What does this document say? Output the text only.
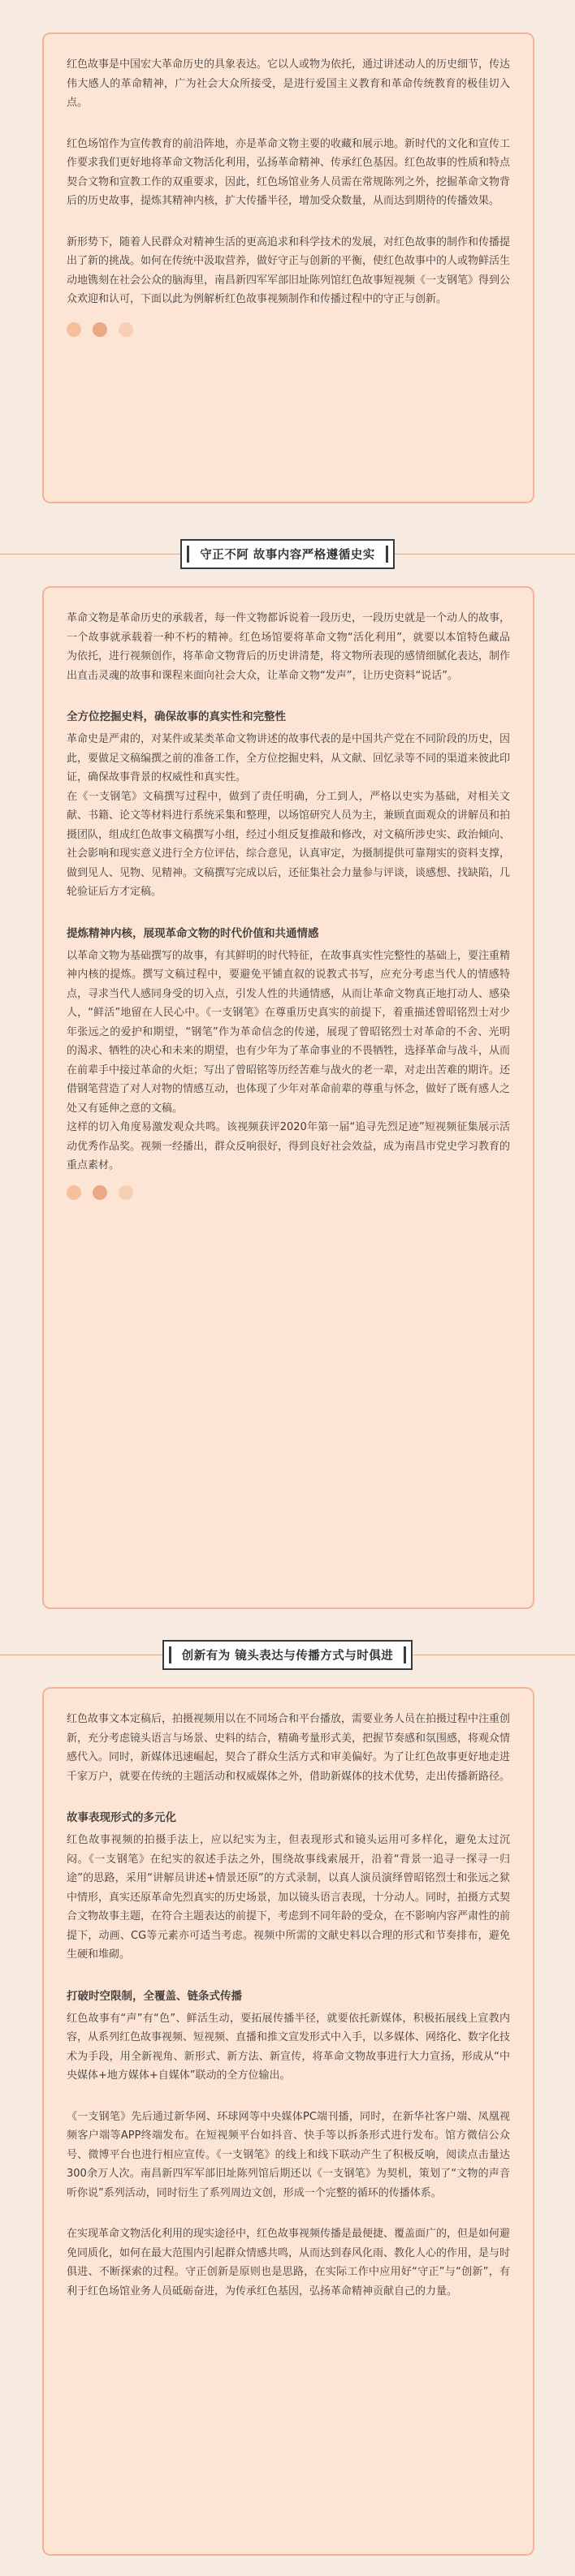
红色故事是中国宏大革命历史的具象表达。它以人或物为依托，通过讲述动人的历史细节，传达伟大感人的革命精神，广为社会大众所接受，是进行爱国主义教育和革命传统教育的极佳切入点。

红色场馆作为宣传教育的前沿阵地，亦是革命文物主要的收藏和展示地。新时代的文化和宣传工作要求我们更好地将革命文物活化利用，弘扬革命精神、传承红色基因。红色故事的性质和特点契合文物和宣教工作的双重要求，因此，红色场馆业务人员需在常规陈列之外，挖掘革命文物背后的历史故事，提炼其精神内核，扩大传播半径，增加受众数量，从而达到期待的传播效果。

新形势下，随着人民群众对精神生活的更高追求和科学技术的发展，对红色故事的制作和传播提出了新的挑战。如何在传统中汲取营养，做好守正与创新的平衡，使红色故事中的人或物鲜活生动地镌刻在社会公众的脑海里，南昌新四军军部旧址陈列馆红色故事短视频《一支钢笔》得到公众欢迎和认可，下面以此为例解析红色故事视频制作和传播过程中的守正与创新。

守正不阿 故事内容严格遵循史实

革命文物是革命历史的承载者，每一件文物都诉说着一段历史，一段历史就是一个动人的故事，一个故事就承载着一种不朽的精神。红色场馆要将革命文物“活化利用”，就要以本馆特色藏品为依托，进行视频创作，将革命文物背后的历史讲清楚，将文物所表现的感情细腻化表达，制作出直击灵魂的故事和课程来面向社会大众，让革命文物“发声”，让历史资料“说话”。

全方位挖掘史料，确保故事的真实性和完整性

革命史是严肃的，对某件或某类革命文物讲述的故事代表的是中国共产党在不同阶段的历史，因此，要做足文稿编撰之前的准备工作，全方位挖掘史料，从文献、回忆录等不同的渠道来彼此印证，确保故事背景的权威性和真实性。

在《一支钢笔》文稿撰写过程中，做到了责任明确，分工到人，严格以史实为基础，对相关文献、书籍、论文等材料进行系统采集和整理，以场馆研究人员为主，兼顾直面观众的讲解员和拍摄团队，组成红色故事文稿撰写小组，经过小组反复推敲和修改，对文稿所涉史实、政治倾向、社会影响和现实意义进行全方位评估，综合意见，认真审定，为摄制提供可靠翔实的资料支撑，做到见人、见物、见精神。文稿撰写完成以后，还征集社会力量参与评谈，谈感想、找缺陷，几轮验证后方才定稿。

提炼精神内核，展现革命文物的时代价值和共通情感

以革命文物为基础撰写的故事，有其鲜明的时代特征，在故事真实性完整性的基础上，要注重精神内核的提炼。撰写文稿过程中，要避免平铺直叙的说教式书写，应充分考虑当代人的情感特点，寻求当代人感同身受的切入点，引发人性的共通情感，从而让革命文物真正地打动人、感染人，“鲜活”地留在人民心中。《一支钢笔》在尊重历史真实的前提下，着重描述曾昭铭烈士对少年张远之的爱护和期望，“钢笔”作为革命信念的传递，展现了曾昭铭烈士对革命的不舍、光明的渴求、牺牲的决心和未来的期望，也有少年为了革命事业的不畏牺牲，选择革命与战斗，从而在前辈手中接过革命的火炬；写出了曾昭铭等历经苦难与战火的老一辈，对走出苦难的期许。还借钢笔营造了对人对物的情感互动，也体现了少年对革命前辈的尊重与怀念，做好了既有感人之处又有延伸之意的文稿。

这样的切入角度易激发观众共鸣。该视频获评2020年第一届“追寻先烈足迹”短视频征集展示活动优秀作品奖。视频一经播出，群众反响很好，得到良好社会效益，成为南昌市党史学习教育的重点素材。

创新有为 镜头表达与传播方式与时俱进

红色故事文本定稿后，拍摄视频用以在不同场合和平台播放，需要业务人员在拍摄过程中注重创新，充分考虑镜头语言与场景、史料的结合，精确考量形式美，把握节奏感和氛围感，将观众情感代入。同时，新媒体迅速崛起，契合了群众生活方式和审美偏好。为了让红色故事更好地走进千家万户，就要在传统的主题活动和权威媒体之外，借助新媒体的技术优势，走出传播新路径。

故事表现形式的多元化

红色故事视频的拍摄手法上，应以纪实为主，但表现形式和镜头运用可多样化，避免太过沉闷。《一支钢笔》在纪实的叙述手法之外，围绕故事线索展开，沿着“背景一追寻一探寻一归途”的思路，采用“讲解员讲述+情景还原”的方式录制，以真人演员演绎曾昭铭烈士和张远之狱中情形，真实还原革命先烈真实的历史场景，加以镜头语言表现，十分动人。同时，拍摄方式契合文物故事主题，在符合主题表达的前提下，考虑到不同年龄的受众，在不影响内容严肃性的前提下，动画、CG等元素亦可适当考虑。视频中所需的文献史料以合理的形式和节奏排布，避免生硬和堆砌。

打破时空限制，全覆盖、链条式传播

红色故事有“声”有“色”、鲜活生动，要拓展传播半径，就要依托新媒体，积极拓展线上宣教内容，从系列红色故事视频、短视频、直播和推文宣发形式中入手，以多媒体、网络化、数字化技术为手段，用全新视角、新形式、新方法、新宣传，将革命文物故事进行大力宣扬，形成从“中央媒体+地方媒体+自媒体”联动的全方位输出。

《一支钢笔》先后通过新华网、环球网等中央媒体PC端刊播，同时，在新华社客户端、凤凰视频客户端等APP终端发布。在短视频平台如抖音、快手等以拆条形式进行发布。馆方微信公众号、微博平台也进行相应宣传。《一支钢笔》的线上和线下联动产生了积极反响，阅读点击量达300余万人次。南昌新四军军部旧址陈列馆后期还以《一支钢笔》为契机，策划了“文物的声音听你说”系列活动，同时衍生了系列周边文创，形成一个完整的循环的传播体系。

在实现革命文物活化利用的现实途径中，红色故事视频传播是最便捷、覆盖面广的，但是如何避免同质化，如何在最大范围内引起群众情感共鸣，从而达到春风化雨、教化人心的作用，是与时俱进、不断探索的过程。守正创新是原则也是思路，在实际工作中应用好“守正”与“创新”，有利于红色场馆业务人员砥砺奋进，为传承红色基因，弘扬革命精神贡献自己的力量。
